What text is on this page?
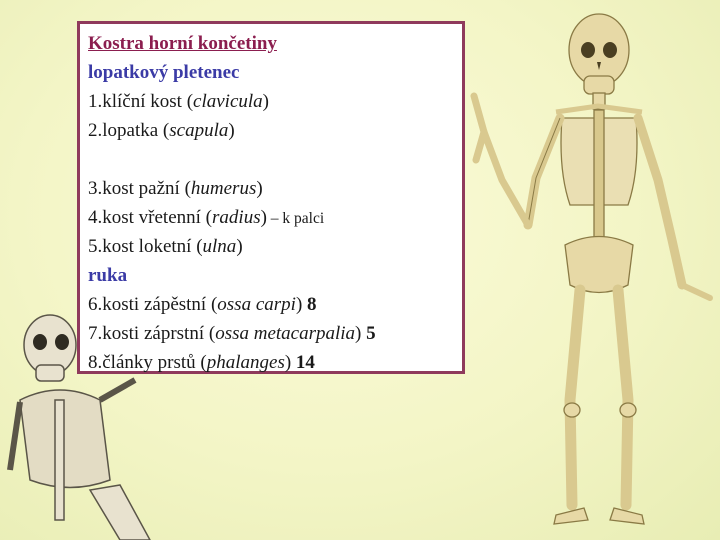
Kostra horní končetiny
lopatkový pletenec
1.klíční kost (clavicula)
2.lopatka (scapula)
3.kost pažní (humerus)
4.kost vřetenní (radius) – k palci
5.kost loketní (ulna)
ruka
6.kosti zápěstní (ossa carpi) 8
7.kosti záprstní (ossa metacarpalia) 5
8.články prstů (phalanges) 14
